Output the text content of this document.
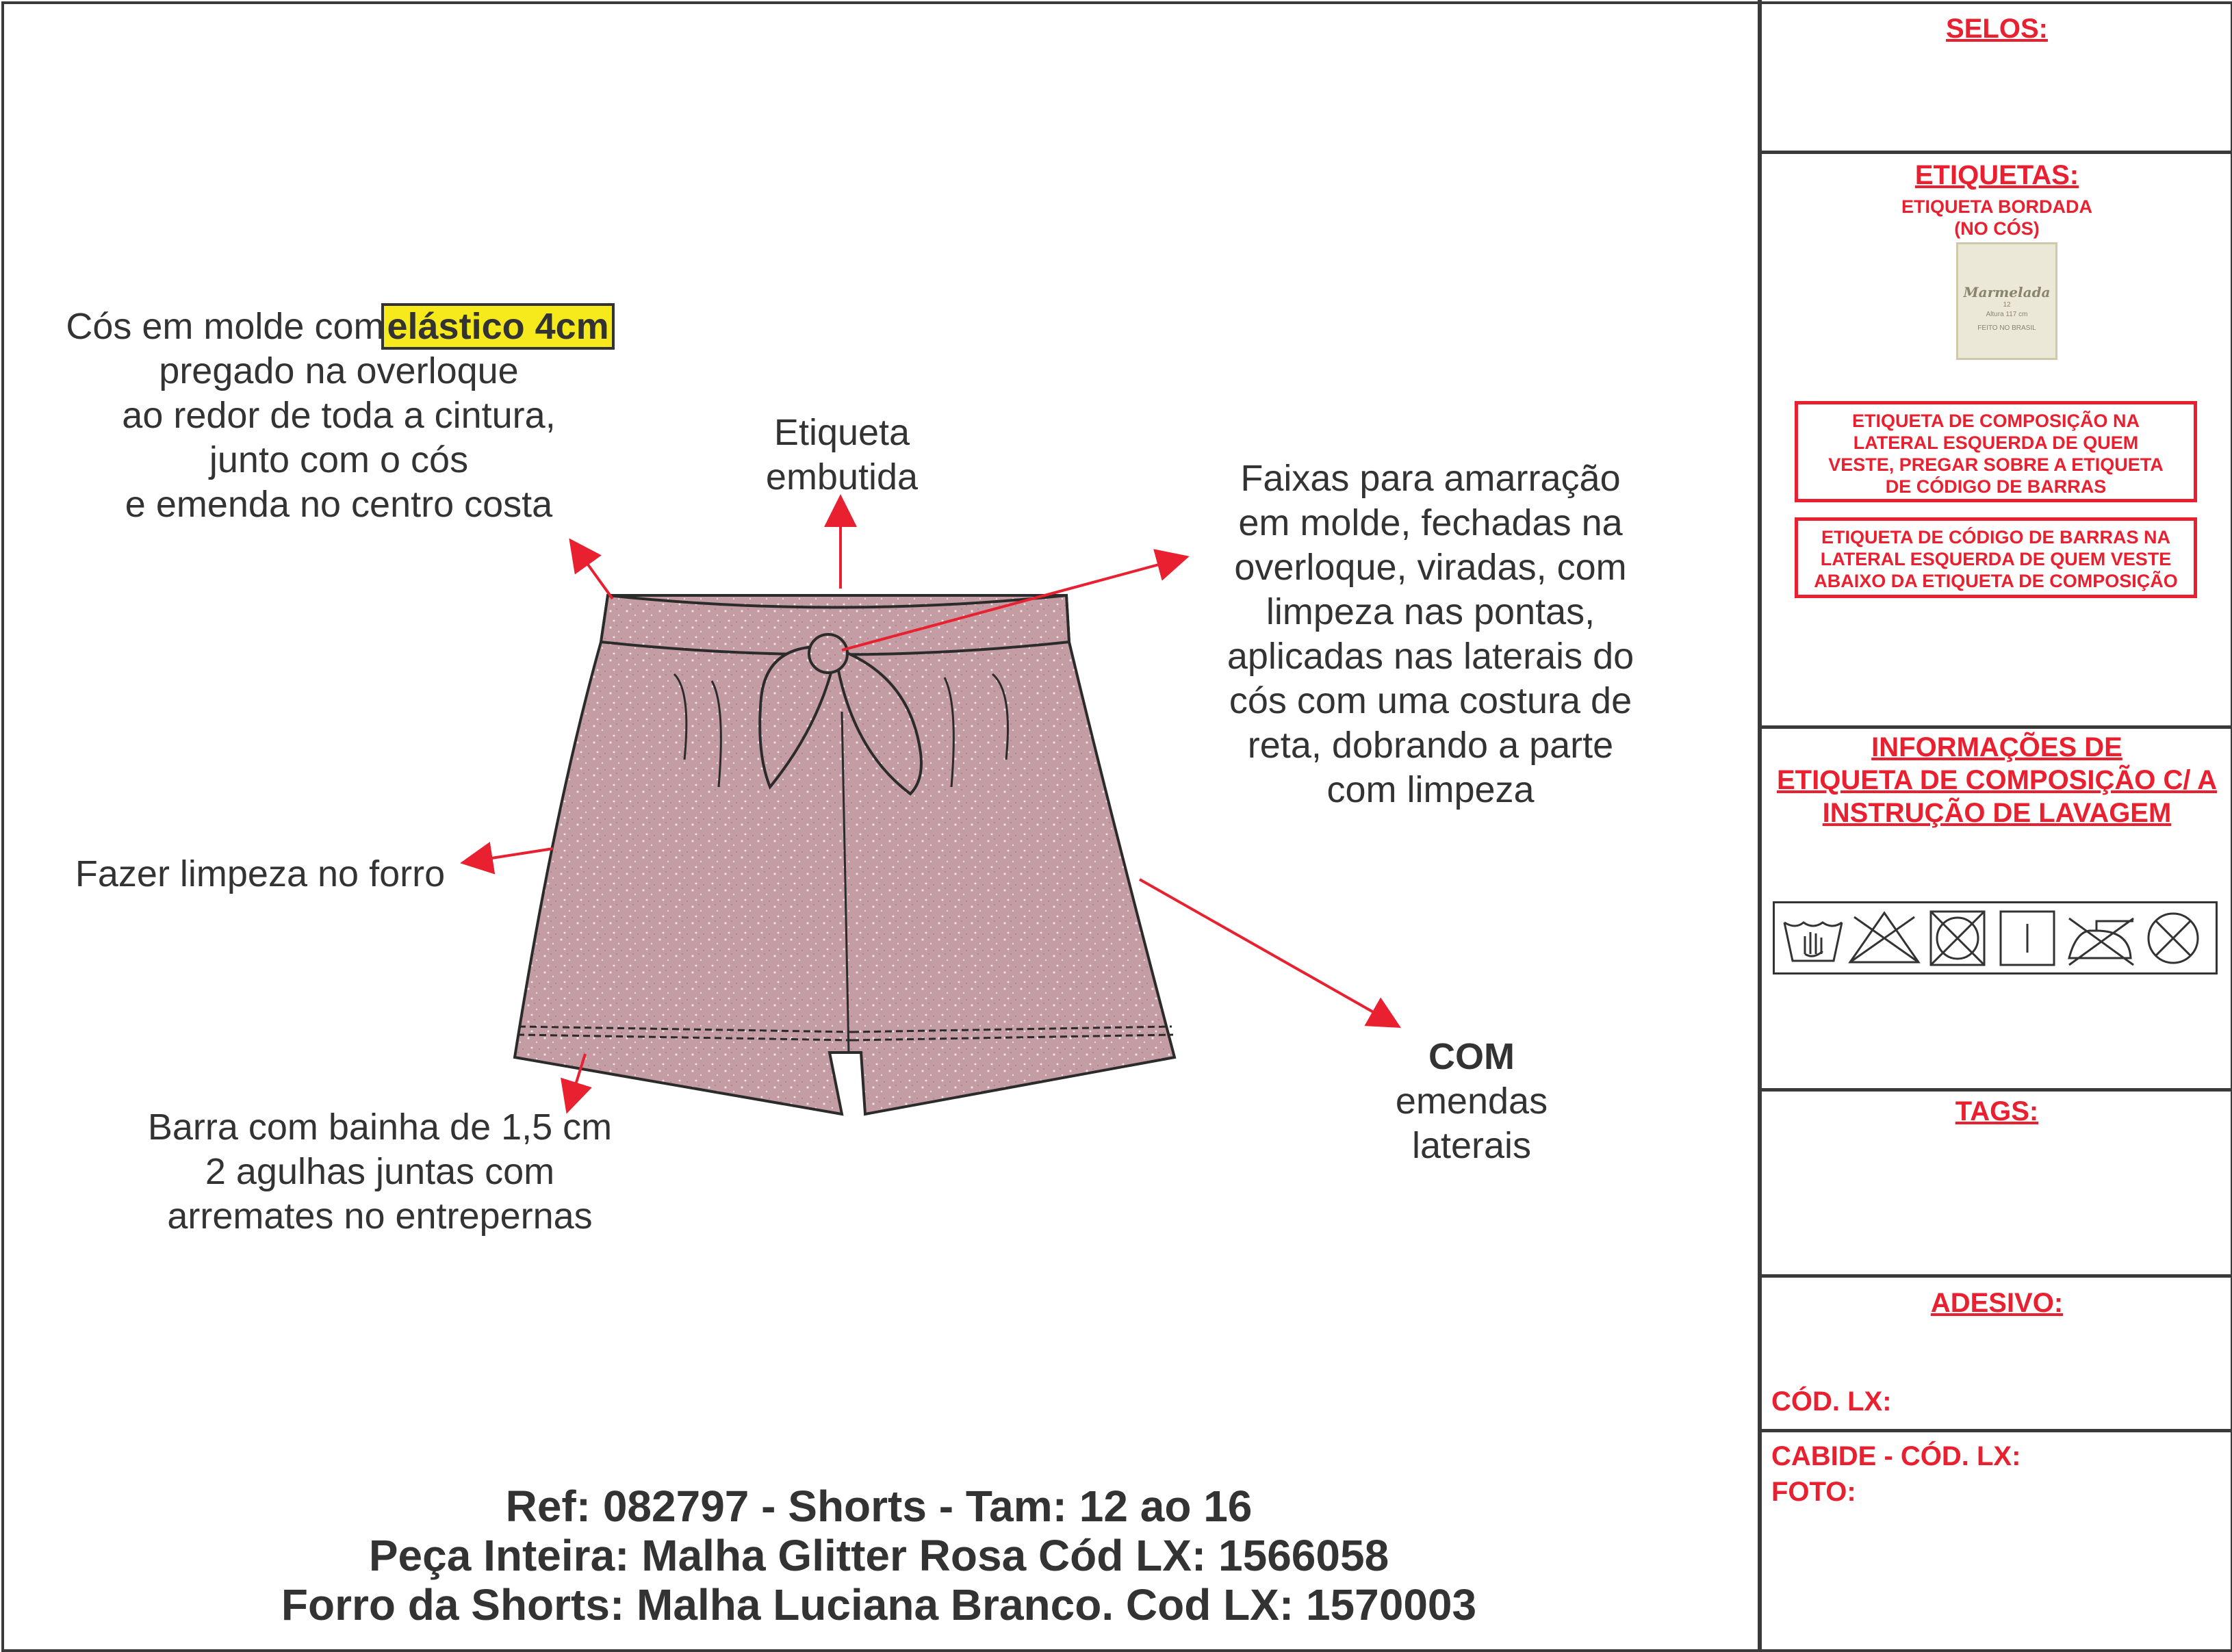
Cós em molde comelástico 4cm
pregado na overloque
ao redor de toda a cintura,
junto com o cós
e emenda no centro costa
Etiqueta
embutida	Faixas para amarração
em molde, fechadas na
overloque, viradas, com
limpeza nas pontas,
aplicadas nas laterais do
cós com uma costura de
reta, dobrando a parte
com limpeza
Fazer limpeza no forro
COM
emendas
laterais
Barra com bainha de 1,5 cm
2 agulhas juntas com
arremates no entrepernas
Ref: 082797 - Shorts - Tam: 12 ao 16
Peça Inteira: Malha Glitter Rosa Cód LX: 1566058
Forro da Shorts: Malha Luciana Branco. Cod LX: 1570003
SELOS:
ETIQUETAS:
ETIQUETA BORDADA
(NO CÓS)
Marmelada
12
Altura 117 cm
FEITO NO BRASIL
ETIQUETA DE COMPOSIÇÃO NA
LATERAL ESQUERDA DE QUEM
VESTE, PREGAR SOBRE A ETIQUETA
DE CÓDIGO DE BARRAS
ETIQUETA DE CÓDIGO DE BARRAS NA
LATERAL ESQUERDA DE QUEM VESTE
ABAIXO DA ETIQUETA DE COMPOSIÇÃO
INFORMAÇÕES DE
ETIQUETA DE COMPOSIÇÃO C/ A
INSTRUÇÃO DE LAVAGEM
TAGS:
ADESIVO:
CÓD. LX:
CABIDE - CÓD. LX:
FOTO:
